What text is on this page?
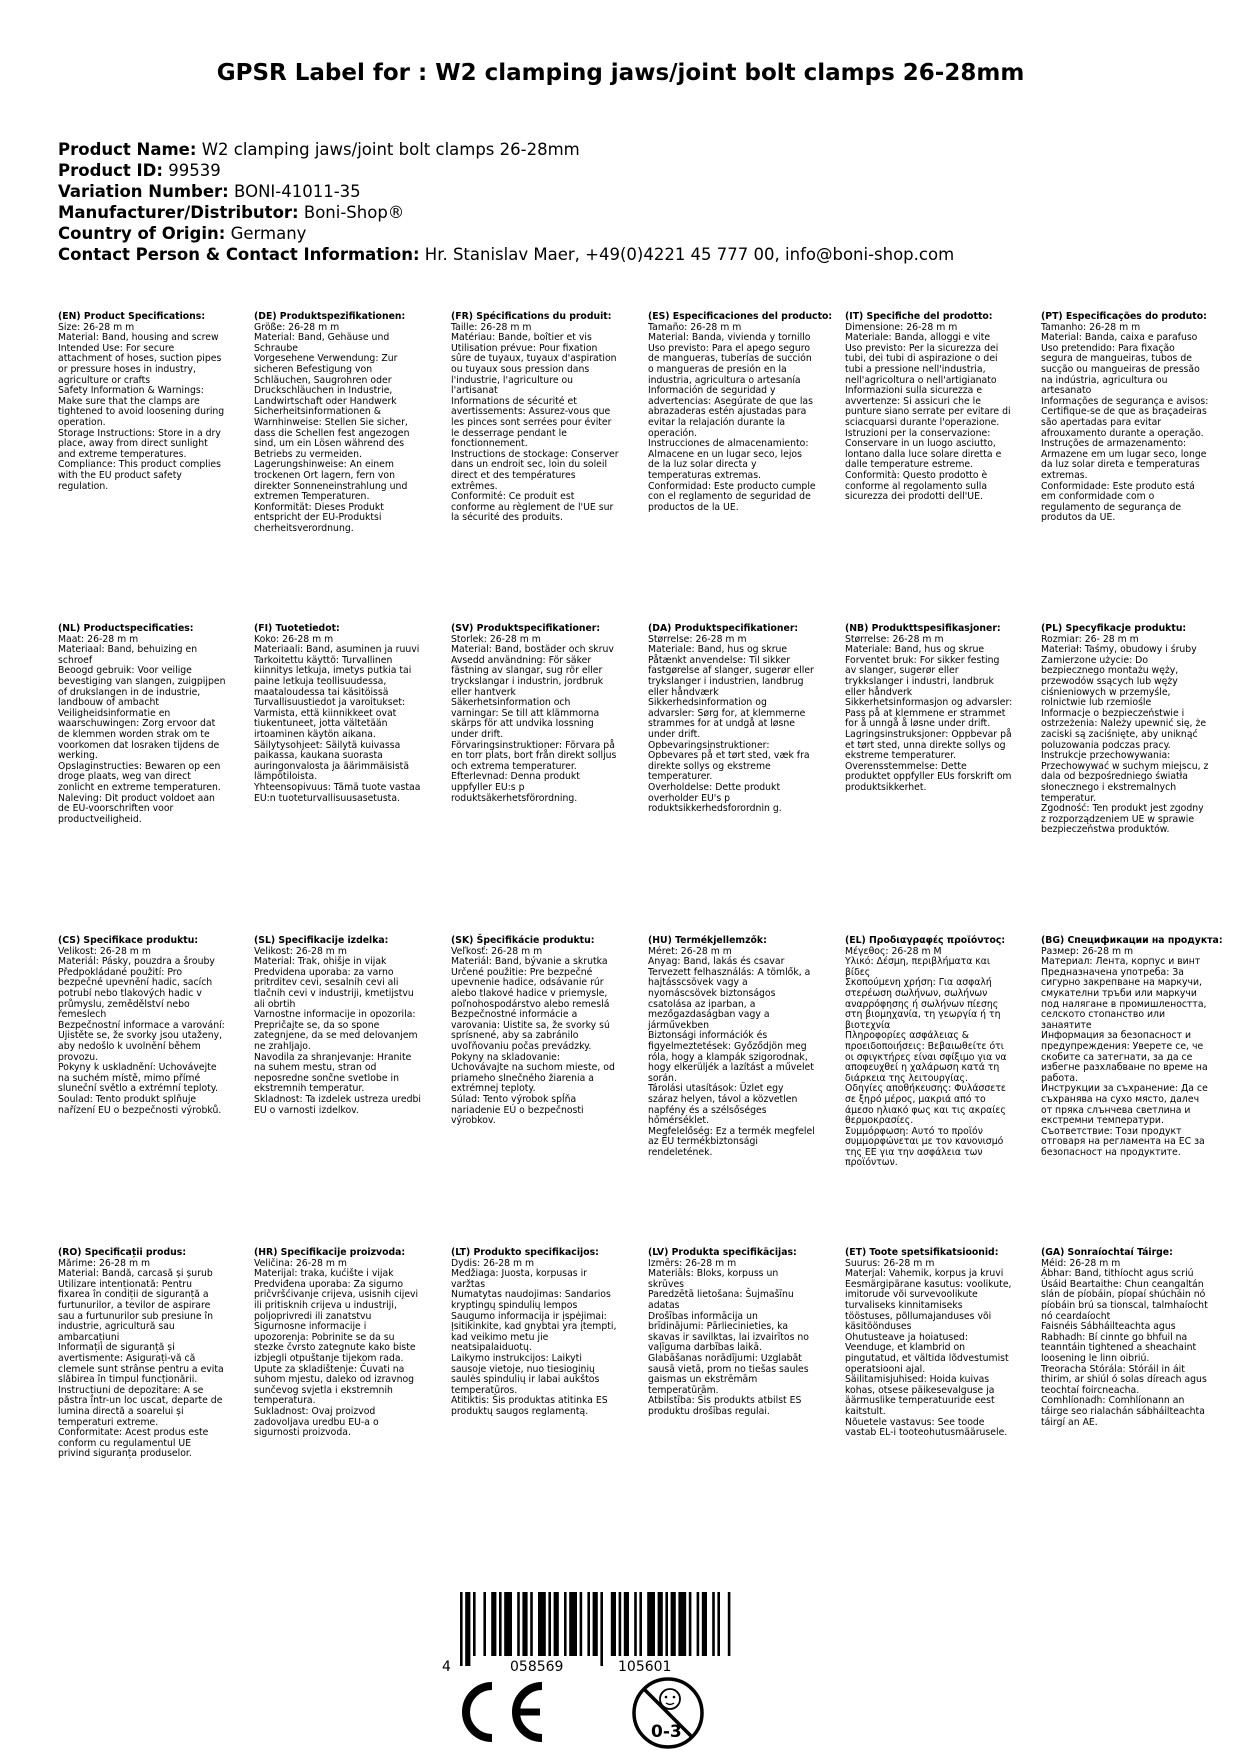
GPSR Label for : W2 clamping jaws/joint bolt clamps 26-28mm
Product Name: W2 clamping jaws/joint bolt clamps 26-28mm
Product ID: 99539
Variation Number: BONI-41011-35
Manufacturer/Distributor: Boni-Shop®
Country of Origin: Germany
Contact Person & Contact Information: Hr. Stanislav Maer, +49(0)4221 45 777 00, info@boni-shop.com
(EN) Product Specifications:
Size: 26-28 m m
Material: Band, housing and screw
Intended Use: For secure attachment of hoses, suction pipes or pressure hoses in industry, agriculture or crafts
Safety Information & Warnings: Make sure that the clamps are tightened to avoid loosening during operation.
Storage Instructions: Store in a dry place, away from direct sunlight and extreme temperatures.
Compliance: This product complies with the EU product safety regulation.
(DE) Produktspezifikationen:
Größe: 26-28 m m
Material: Band, Gehäuse und Schraube
Vorgesehene Verwendung: Zur sicheren Befestigung von Schläuchen, Saugrohren oder Druckschläuchen in Industrie, Landwirtschaft oder Handwerk
Sicherheitsinformationen & Warnhinweise: Stellen Sie sicher, dass die Schellen fest angezogen sind, um ein Lösen während des Betriebs zu vermeiden.
Lagerungshinweise: An einem trockenen Ort lagern, fern von direkter Sonneneinstrahlung und extremen Temperaturen.
Konformität: Dieses Produkt entspricht der EU-Produktsi cherheitsverordnung.
(FR) Spécifications du produit:
Taille: 26-28 m m
Matériau: Bande, boîtier et vis
Utilisation prévue: Pour fixation sûre de tuyaux, tuyaux d'aspiration ou tuyaux sous pression dans l'industrie, l'agriculture ou l'artisanat
Informations de sécurité et avertissements: Assurez-vous que les pinces sont serrées pour éviter le desserrage pendant le fonctionnement.
Instructions de stockage: Conserver dans un endroit sec, loin du soleil direct et des températures extrêmes.
Conformité: Ce produit est conforme au règlement de l'UE sur la sécurité des produits.
(ES) Especificaciones del producto:
Tamaño: 26-28 m m
Material: Banda, vivienda y tornillo
Uso previsto: Para el apego seguro de mangueras, tuberías de succión o mangueras de presión en la industria, agricultura o artesanía
Información de seguridad y advertencias: Asegúrate de que las abrazaderas estén ajustadas para evitar la relajación durante la operación.
Instrucciones de almacenamiento: Almacene en un lugar seco, lejos de la luz solar directa y temperaturas extremas.
Conformidad: Este producto cumple con el reglamento de seguridad de productos de la UE.
(IT) Specifiche del prodotto:
Dimensione: 26-28 m m
Materiale: Banda, alloggi e vite
Uso previsto: Per la sicurezza dei tubi, dei tubi di aspirazione o dei tubi a pressione nell'industria, nell'agricoltura o nell'artigianato
Informazioni sulla sicurezza e avvertenze: Si assicuri che le punture siano serrate per evitare di sciacquarsi durante l'operazione.
Istruzioni per la conservazione: Conservare in un luogo asciutto, lontano dalla luce solare diretta e dalle temperature estreme.
Conformità: Questo prodotto è conforme al regolamento sulla sicurezza dei prodotti dell'UE.
(PT) Especificações do produto:
Tamanho: 26-28 m m
Material: Banda, caixa e parafuso
Uso pretendido: Para fixação segura de mangueiras, tubos de sucção ou mangueiras de pressão na indústria, agricultura ou artesanato
Informações de segurança e avisos: Certifique-se de que as braçadeiras são apertadas para evitar afrouxamento durante a operação.
Instruções de armazenamento: Armazene em um lugar seco, longe da luz solar direta e temperaturas extremas.
Conformidade: Este produto está em conformidade com o regulamento de segurança de produtos da UE.
(NL) Productspecificaties:
Maat: 26-28 m m
Materiaal: Band, behuizing en schroef
Beoogd gebruik: Voor veilige bevestiging van slangen, zuigpijpen of drukslangen in de industrie, landbouw of ambacht
Veiligheidsinformatie en waarschuwingen: Zorg ervoor dat de klemmen worden strak om te voorkomen dat losraken tijdens de werking.
Opslaginstructies: Bewaren op een droge plaats, weg van direct zonlicht en extreme temperaturen.
Naleving: Dit product voldoet aan de EU-voorschriften voor productveiligheid.
(FI) Tuotetiedot:
Koko: 26-28 m m
Materiaali: Band, asuminen ja ruuvi
Tarkoitettu käyttö: Turvallinen kiinnitys letkuja, imetys putkia tai paine letkuja teollisuudessa, maataloudessa tai käsitöissä
Turvallisuustiedot ja varoitukset: Varmista, että kiinnikkeet ovat tiukentuneet, jotta vältetään irtoaminen käytön aikana.
Säilytysohjeet: Säilytä kuivassa paikassa, kaukana suorasta auringonvalosta ja äärimmäisistä lämpötiloista.
Yhteensopivuus: Tämä tuote vastaa EU:n tuoteturvallisuusasetusta.
(SV) Produktspecifikationer:
Storlek: 26-28 m m
Material: Band, bostäder och skruv
Avsedd användning: För säker fästning av slangar, sug rör eller tryckslangar i industrin, jordbruk eller hantverk
Säkerhetsinformation och varningar: Se till att klämmorna skärps för att undvika lossning under drift.
Förvaringsinstruktioner: Förvara på en torr plats, bort från direkt solljus och extrema temperaturer.
Efterlevnad: Denna produkt uppfyller EU:s p roduktsäkerhetsförordning.
(DA) Produktspecifikationer:
Størrelse: 26-28 m m
Materiale: Band, hus og skrue
Påtænkt anvendelse: Til sikker fastgørelse af slanger, sugerør eller trykslanger i industrien, landbrug eller håndværk
Sikkerhedsinformation og advarsler: Sørg for, at klemmerne strammes for at undgå at løsne under drift.
Opbevaringsinstruktioner: Opbevares på et tørt sted, væk fra direkte sollys og ekstreme temperaturer.
Overholdelse: Dette produkt overholder EU's p roduktsikkerhedsforordnin g.
(NB) Produkttspesifikasjoner:
Størrelse: 26-28 m m
Materiale: Band, hus og skrue
Forventet bruk: For sikker festing av slanger, sugerør eller trykkslanger i industri, landbruk eller håndverk
Sikkerhetsinformasjon og advarsler: Pass på at klemmene er strammet for å unngå å løsne under drift.
Lagringsinstruksjoner: Oppbevar på et tørt sted, unna direkte sollys og ekstreme temperaturer.
Overensstemmelse: Dette produktet oppfyller EUs forskrift om produktsikkerhet.
(PL) Specyfikacje produktu:
Rozmiar: 26- 28 m m
Materiał: Taśmy, obudowy i śruby
Zamierzone użycie: Do bezpiecznego montażu węży, przewodów ssących lub węży ciśnieniowych w przemyśle, rolnictwie lub rzemiośle
Informacje o bezpieczeństwie i ostrzeżenia: Należy upewnić się, że zaciski są zaciśnięte, aby uniknąć poluzowania podczas pracy.
Instrukcje przechowywania: Przechowywać w suchym miejscu, z dala od bezpośredniego światła słonecznego i ekstremalnych temperatur.
Zgodność: Ten produkt jest zgodny z rozporządzeniem UE w sprawie bezpieczeństwa produktów.
(CS) Specifikace produktu:
Velikost: 26-28 m m
Materiál: Pásky, pouzdra a šrouby
Předpokládané použití: Pro bezpečné upevnění hadic, sacích potrubí nebo tlakových hadic v průmyslu, zemědělství nebo řemeslech
Bezpečnostní informace a varování: Ujistěte se, že svorky jsou utaženy, aby nedošlo k uvolnění během provozu.
Pokyny k uskladnění: Uchovávejte na suchém místě, mimo přímé sluneční světlo a extrémní teploty.
Soulad: Tento produkt splňuje nařízení EU o bezpečnosti výrobků.
(SL) Specifikacije izdelka:
Velikost: 26-28 m m
Material: Trak, ohišje in vijak
Predvidena uporaba: za varno pritrditev cevi, sesalnih cevi ali tlačnih cevi v industriji, kmetijstvu ali obrtih
Varnostne informacije in opozorila: Prepričajte se, da so spone zategnjene, da se med delovanjem ne zrahljajo.
Navodila za shranjevanje: Hranite na suhem mestu, stran od neposredne sončne svetlobe in ekstremnih temperatur.
Skladnost: Ta izdelek ustreza uredbi EU o varnosti izdelkov.
(SK) Špecifikácie produktu:
Veľkosť: 26-28 m m
Materiál: Band, bývanie a skrutka
Určené použitie: Pre bezpečné upevnenie hadice, odsávanie rúr alebo tlakové hadice v priemysle, poľnohospodárstvo alebo remeslá
Bezpečnostné informácie a varovania: Uistite sa, že svorky sú sprísnené, aby sa zabránilo uvoľňovaniu počas prevádzky.
Pokyny na skladovanie: Uchovávajte na suchom mieste, od priameho slnečného žiarenia a extrémnej teploty.
Súlad: Tento výrobok spĺňa nariadenie EÚ o bezpečnosti výrobkov.
(HU) Termékjellemzők:
Méret: 26-28 m m
Anyag: Band, lakás és csavar
Tervezett felhasználás: A tömlők, a hajtásscsövek vagy a nyomáscsövek biztonságos csatolása az iparban, a mezőgazdaságban vagy a járművekben
Biztonsági információk és figyelmeztetések: Győződjön meg róla, hogy a klampák szigorodnak, hogy elkerüljék a lazítást a művelet során.
Tárolási utasítások: Üzlet egy száraz helyen, távol a közvetlen napfény és a szélsőséges hőmérséklet.
Megfelelőség: Ez a termék megfelel az EU termékbiztonsági rendeletének.
(EL) Προδιαγραφές προϊόντος:
Μέγεθος: 26-28 m M
Υλικό: Δέσμη, περιβλήματα και βίδες
Σκοπούμενη χρήση: Για ασφαλή στερέωση σωλήνων, σωλήνων αναρρόφησης ή σωλήνων πίεσης στη βιομηχανία, τη γεωργία ή τη βιοτεχνία
Πληροφορίες ασφάλειας & προειδοποιήσεις: Βεβαιωθείτε ότι οι σφιγκτήρες είναι σφίξιμο για να αποφευχθεί η χαλάρωση κατά τη διάρκεια της λειτουργίας.
Οδηγίες αποθήκευσης: Φυλάσσετε σε ξηρό μέρος, μακριά από το άμεσο ηλιακό φως και τις ακραίες θερμοκρασίες.
Συμμόρφωση: Αυτό το προϊόν συμμορφώνεται με τον κανονισμό της ΕΕ για την ασφάλεια των προϊόντων.
(BG) Спецификации на продукта:
Размер: 26-28 m m
Материал: Лента, корпус и винт
Предназначена употреба: За сигурно закрепване на маркучи, смукателни тръби или маркучи под налягане в промишлеността, селското стопанство или занаятите
Информация за безопасност и предупреждения: Уверете се, че скобите са затегнати, за да се избегне разхлабване по време на работа.
Инструкции за съхранение: Да се съхранява на сухо място, далеч от пряка слънчева светлина и екстремни температури.
Съответствие: Този продукт отговаря на регламента на ЕС за безопасност на продуктите.
(RO) Specificații produs:
Mărime: 26-28 m m
Material: Bandă, carcasă și șurub
Utilizare intenționată: Pentru fixarea în condiții de siguranță a furtunurilor, a tevilor de aspirare sau a furtunurilor sub presiune în industrie, agricultură sau ambarcațiuni
Informații de siguranță și avertismente: Asigurați-vă că clemele sunt strânse pentru a evita slăbirea în timpul funcționării.
Instrucțiuni de depozitare: A se păstra într-un loc uscat, departe de lumina directă a soarelui și temperaturi extreme.
Conformitate: Acest produs este conform cu regulamentul UE privind siguranța produselor.
(HR) Specifikacije proizvoda:
Veličina: 26-28 m m
Materijal: traka, kućište i vijak
Predviđena uporaba: Za sigurno pričvršćivanje crijeva, usisnih cijevi ili pritisknih crijeva u industriji, poljoprivredi ili zanatstvu
Sigurnosne informacije i upozorenja: Pobrinite se da su stezke čvrsto zategnute kako biste izbjegli otpuštanje tijekom rada.
Upute za skladištenje: Čuvati na suhom mjestu, daleko od izravnog sunčevog svjetla i ekstremnih temperatura.
Sukladnost: Ovaj proizvod zadovoljava uredbu EU-a o sigurnosti proizvoda.
(LT) Produkto specifikacijos:
Dydis: 26-28 m m
Medžiaga: Juosta, korpusas ir varžtas
Numatytas naudojimas: Sandarios kryptingų spindulių lempos
Saugumo informacija ir įspėjimai: Įsitikinkite, kad gnybtai yra įtempti, kad veikimo metu jie neatsipalaiduotų.
Laikymo instrukcijos: Laikyti sausoje vietoje, nuo tiesioginių saulės spindulių ir labai aukštos temperatūros.
Atitiktis: Šis produktas atitinka ES produktų saugos reglamentą.
(LV) Produkta specifikācijas:
Izmērs: 26-28 m m
Materiāls: Bloks, korpuss un skrūves
Paredzētā lietošana: Šujmašīnu adatas
Drošības informācija un brīdinājumi: Pārliecinieties, ka skavas ir savilktas, lai izvairītos no vaļīguma darbības laikā.
Glabāšanas norādījumi: Uzglabāt sausā vietā, prom no tiešas saules gaismas un ekstrēmām temperatūrām.
Atbilstība: Šis produkts atbilst ES produktu drošības regulai.
(ET) Toote spetsifikatsioonid:
Suurus: 26-28 m m
Materjal: Vahemik, korpus ja kruvi
Eesmärgipärane kasutus: voolikute, imitorude või survevoolikute turvaliseks kinnitamiseks tööstuses, põllumajanduses või käsitöönduses
Ohutusteave ja hoiatused: Veenduge, et klambrid on pingutatud, et vältida lõdvestumist operatsiooni ajal.
Säilitamisjuhised: Hoida kuivas kohas, otsese päikesevalguse ja äärmuslike temperatuuride eest kaitstult.
Nõuetele vastavus: See toode vastab EL-i tooteohutusmäärusele.
(GA) Sonraíochtaí Táirge:
Méid: 26-28 m m
Ábhar: Band, tithíocht agus scriú
Úsáid Beartaithe: Chun ceangaltán slán de píobáin, píopaí shúcháin nó píobáin brú sa tionscal, talmhaíocht nó ceardaíocht
Faisnéis Sábháilteachta agus Rabhadh: Bí cinnte go bhfuil na teanntáin tightened a sheachaint loosening le linn oibriú.
Treoracha Stórála: Stóráil in áit thirim, ar shiúl ó solas díreach agus teochtaí foircneacha.
Comhlíonadh: Comhlíonann an táirge seo rialachán sábháilteachta táirgí an AE.
4	058569	105601
0-3
